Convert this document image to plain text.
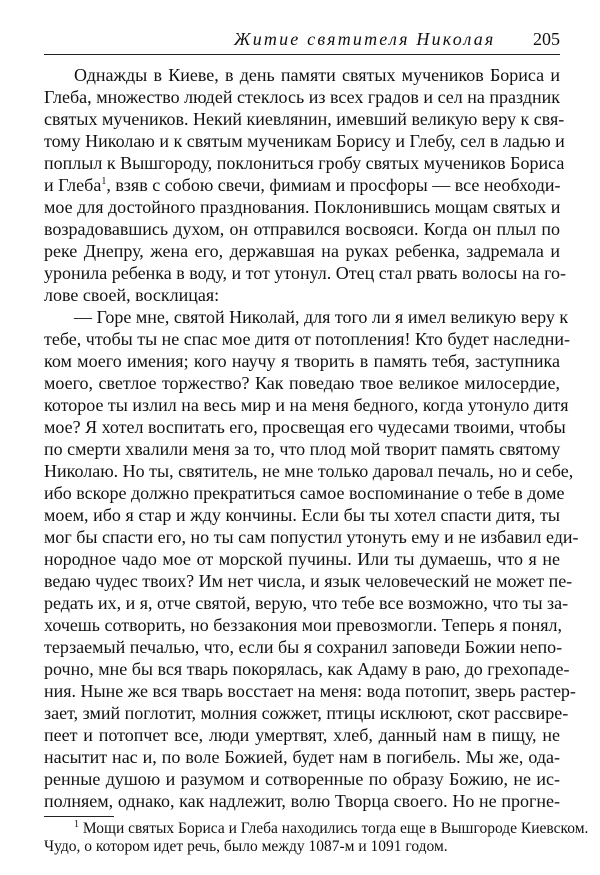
Житие святителя Николая 205
Однажды в Киеве, в день памяти святых мучеников Бориса и
Глеба, множество людей стеклось из всех градов и сел на праздник
святых мучеников. Некий киевлянин, имевший великую веру к свя-
тому Николаю и к святым мученикам Борису и Глебу, сел в ладью и
поплыл к Вышгороду, поклониться гробу святых мучеников Бориса
и Глеба$^1$, взяв с собою свечи, фимиам и просфоры — все необходи-
мое для достойного празднования. Поклонившись мощам святых и
возрадовавшись духом, он отправился восвояси. Когда он плыл по
реке Днепру, жена его, державшая на руках ребенка, задремала и
уронила ребенка в воду, и тот утонул. Отец стал рвать волосы на го-
лове своей, восклицая:
— Горе мне, святой Николай, для того ли я имел великую веру к
тебе, чтобы ты не спас мое дитя от потопления! Кто будет наследни-
ком моего имения; кого научу я творить в память тебя, заступника
моего, светлое торжество? Как поведаю твое великое милосердие,
которое ты излил на весь мир и на меня бедного, когда утонуло дитя
мое? Я хотел воспитать его, просвещая его чудесами твоими, чтобы
по смерти хвалили меня за то, что плод мой творит память святому
Николаю. Но ты, святитель, не мне только даровал печаль, но и себе,
ибо вскоре должно прекратиться самое воспоминание о тебе в доме
моем, ибо я стар и жду кончины. Если бы ты хотел спасти дитя, ты
мог бы спасти его, но ты сам попустил утонуть ему и не избавил еди-
нородное чадо мое от морской пучины. Или ты думаешь, что я не
ведаю чудес твоих? Им нет числа, и язык человеческий не может пе-
редать их, и я, отче святой, верую, что тебе все возможно, что ты за-
хочешь сотворить, но беззакония мои превозмогли. Теперь я понял,
терзаемый печалью, что, если бы я сохранил заповеди Божии непо-
рочно, мне бы вся тварь покорялась, как Адаму в раю, до грехопаде-
ния. Ныне же вся тварь восстает на меня: вода потопит, зверь растер-
зает, змий поглотит, молния сожжет, птицы исклюют, скот рассвире-
пеет и потопчет все, люди умертвят, хлеб, данный нам в пищу, не
насытит нас и, по воле Божией, будет нам в погибель. Мы же, ода-
ренные душою и разумом и сотворенные по образу Божию, не ис-
полняем, однако, как надлежит, волю Творца своего. Но не прогне-
$^1$ Мощи святых Бориса и Глеба находились тогда еще в Вышгороде Киевском.
Чудо, о котором идет речь, было между 1087-м и 1091 годом.
